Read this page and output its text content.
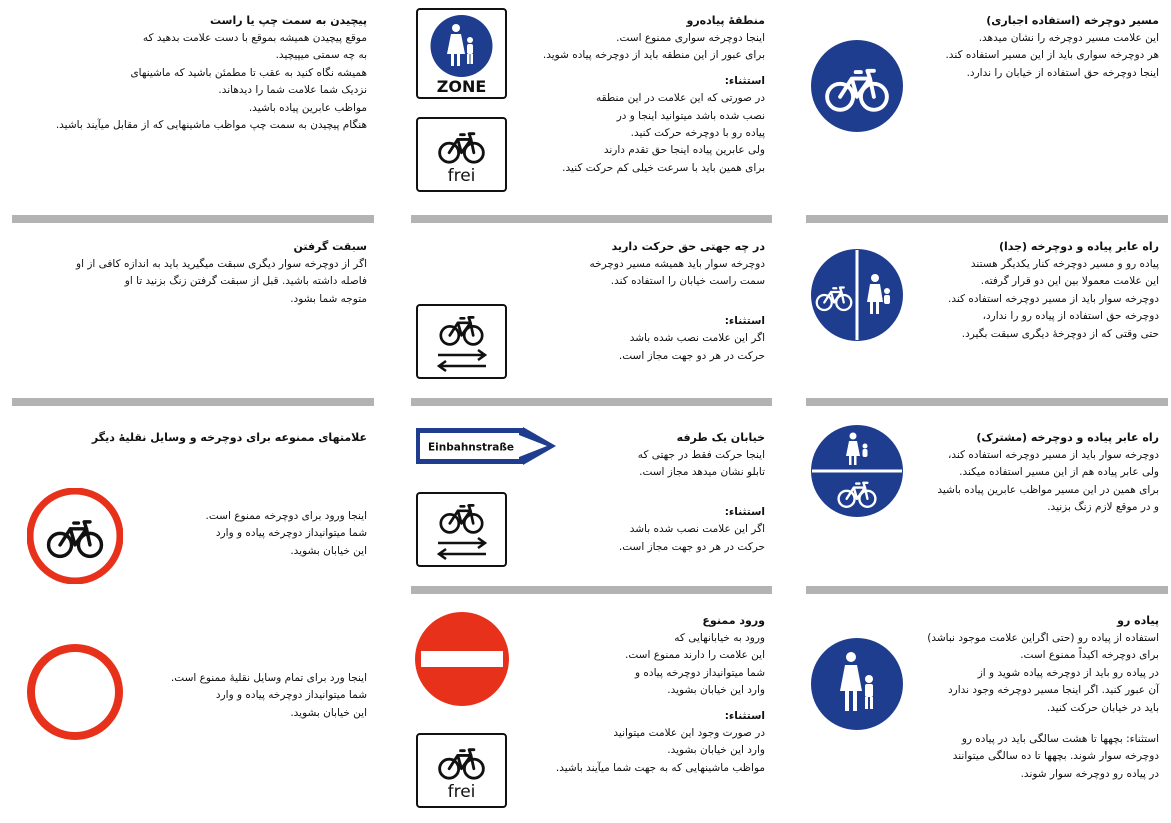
مسیر دوچرخه (استفاده اجباری)
این علامت مسیر دوچرخه را نشان میدهد.
هر دوچرخه سواری باید از این مسیر استفاده کند.
اینجا دوچرخه حق استفاده از خیابان را ندارد.
ZONE
frei
منطقهٔ پیادەرو
اینجا دوچرخه سواری ممنوع است.
برای عبور از این منطقه باید از دوچرخه پیاده شوید.
استثناء:
در صورتی که این علامت در این منطقه
نصب شده باشد میتوانید اینجا و در
پیاده رو با دوچرخه حرکت کنید.
ولی عابرین پیاده اینجا حق تقدم دارند
برای همین باید با سرعت خیلی کم حرکت کنید.
پیچیدن به سمت چپ یا راست
موقع پیچیدن همیشه بموقع با دست علامت بدهید که
به چه سمتی میپیچید.
همیشه نگاه کنید به عقب تا مطمئن باشید که ماشینهای
نزدیک شما علامت شما را دیدهاند.
مواظب عابرین پیاده باشید.
هنگام پیچیدن به سمت چپ مواظب ماشینهایی که از مقابل میآیند باشید.
راه عابر پیاده و دوچرخه (جدا)
پیاده رو و مسیر دوچرخه کنار یکدیگر هستند
این علامت معمولا بین این دو قرار گرفته.
دوچرخه سوار باید از مسیر دوچرخه استفاده کند.
دوچرخه حق استفاده از پیاده رو را ندارد،
حتی وقتی که از دوچرخهٔ دیگری سبقت بگیرد.
در چه جهتی حق حرکت دارید
دوچرخه سوار باید همیشه مسیر دوچرخه
سمت راست خیابان را استفاده کند.
استثناء:
اگر این علامت نصب شده باشد
حرکت در هر دو جهت مجاز است.
سبقت گرفتن
اگر از دوچرخه سوار دیگری سبقت میگیرید باید به اندازه کافی از او
فاصله داشته باشید. قبل از سبقت گرفتن زنگ بزنید تا او
متوجه شما بشود.
راه عابر پیاده و دوچرخه (مشترک)
دوچرخه سوار باید از مسیر دوچرخه استفاده کند،
ولی عابر پیاده هم از این مسیر استفاده میکند.
برای همین در این مسیر مواظب عابرین پیاده باشید
و در موقع لازم زنگ بزنید.
Einbahnstraße
خیابان یک طرفه
اینجا حرکت فقط در جهتی که
تابلو نشان میدهد مجاز است.
استثناء:
اگر این علامت نصب شده باشد
حرکت در هر دو جهت مجاز است.
علامتهای ممنوعه برای دوچرخه و وسایل نقلیهٔ دیگر
اینجا ورود برای دوچرخه ممنوع است.
شما میتوانیداز دوچرخه پیاده و وارد
این خیابان بشوید.
اینجا ورد برای تمام وسایل نقلیهٔ ممنوع است.
شما میتوانیداز دوچرخه پیاده و وارد
این خیابان بشوید.
پیاده رو
استفاده از پیاده رو (حتی اگراین علامت موجود نباشد)
برای دوچرخه اکیداً ممنوع است.
در پیاده رو باید از دوچرخه پیاده شوید و از
آن عبور کنید. اگر اینجا مسیر دوچرخه وجود ندارد
باید در خیابان حرکت کنید.
استثناء: بچهها تا هشت سالگی باید در پیاده رو
دوچرخه سوار شوند. بچهها تا ده سالگی میتوانند
در پیاده رو دوچرخه سوار شوند.
frei
ورود ممنوع
ورود به خیابانهایی که
این علامت را دارند ممنوع است.
شما میتوانیداز دوچرخه پیاده و
وارد این خیابان بشوید.
استثناء:
در صورت وجود این علامت میتوانید
وارد این خیابان بشوید.
مواظب ماشینهایی که به جهت شما میآیند باشید.
